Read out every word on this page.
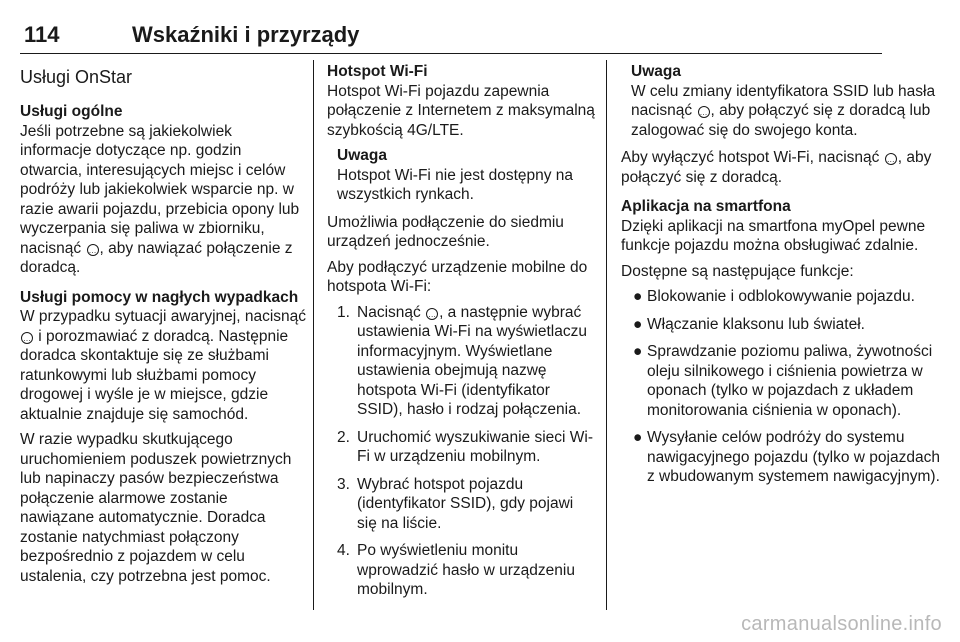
114	Wskaźniki i przyrządy
Usługi OnStar
Usługi ogólne

Jeśli potrzebne są jakiekolwiek informacje dotyczące np. godzin otwarcia, interesujących miejsc i celów podróży lub jakiekolwiek wsparcie np. w razie awarii pojazdu, przebicia opony lub wyczerpania się paliwa w zbiorniku, nacisnąć … , aby nawiązać połączenie z doradcą.

Usługi pomocy w nagłych wypadkach

W przypadku sytuacji awaryjnej, nacisnąć … i porozmawiać z doradcą. Następnie doradca skontaktuje się ze służbami ratunkowymi lub służbami pomocy drogowej i wyśle je w miejsce, gdzie aktualnie znajduje się samochód.

W razie wypadku skutkującego uruchomieniem poduszek powietrznych lub napinaczy pasów bezpieczeństwa połączenie alarmowe zostanie nawiązane automatycznie. Doradca zostanie natychmiast połączony bezpośrednio z pojazdem w celu ustalenia, czy potrzebna jest pomoc.

Hotspot Wi-Fi

Hotspot Wi-Fi pojazdu zapewnia połączenie z Internetem z maksymalną szybkością 4G/LTE.

Uwaga
Hotspot Wi-Fi nie jest dostępny na wszystkich rynkach.

Umożliwia podłączenie do siedmiu urządzeń jednocześnie.

Aby podłączyć urządzenie mobilne do hotspota Wi-Fi:

1. Nacisnąć … , a następnie wybrać ustawienia Wi-Fi na wyświetlaczu informacyjnym. Wyświetlane ustawienia obejmują nazwę hotspota Wi-Fi (identyfikator SSID), hasło i rodzaj połączenia.
2. Uruchomić wyszukiwanie sieci Wi-Fi w urządzeniu mobilnym.
3. Wybrać hotspot pojazdu (identyfikator SSID), gdy pojawi się na liście.
4. Po wyświetleniu monitu wprowadzić hasło w urządzeniu mobilnym.
Uwaga
W celu zmiany identyfikatora SSID lub hasła nacisnąć … , aby połączyć się z doradcą lub zalogować się do swojego konta.

Aby wyłączyć hotspot Wi-Fi, nacisnąć … , aby połączyć się z doradcą.

Aplikacja na smartfona

Dzięki aplikacji na smartfona myOpel pewne funkcje pojazdu można obsługiwać zdalnie.

Dostępne są następujące funkcje:

● Blokowanie i odblokowywanie pojazdu.
● Włączanie klaksonu lub świateł.
● Sprawdzanie poziomu paliwa, żywotności oleju silnikowego i ciśnienia powietrza w oponach (tylko w pojazdach z układem monitorowania ciśnienia w oponach).
● Wysyłanie celów podróży do systemu nawigacyjnego pojazdu (tylko w pojazdach z wbudowanym systemem nawigacyjnym).
carmanualsonline.info
